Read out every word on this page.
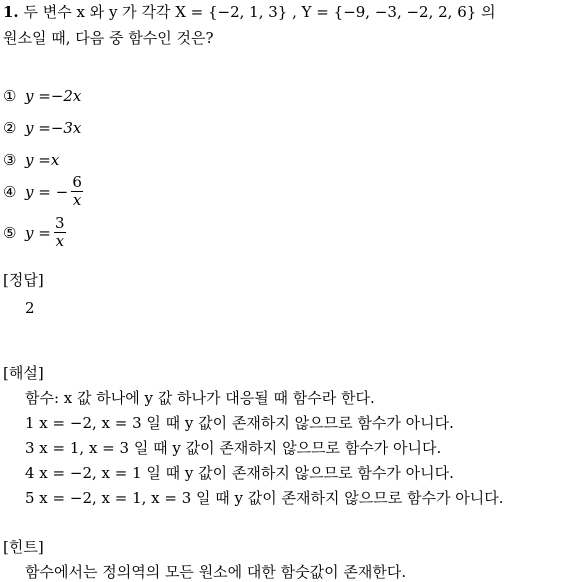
1. 두 변수 x 와 y 가 각각 X = {−2, 1, 3} , Y = {−9, −3, −2, 2, 6} 의
원소일 때, 다음 중 함수인 것은?
① y = −2x
② y = −3x
③ y = x
④ y = − $\frac{6}{x}$
⑤ $y = \frac{3}{x}$
[정답]
2
[해설]
함수: x 값 하나에 y 값 하나가 대응될 때 함수라 한다.
1 x = −2, x = 3 일 때 y 값이 존재하지 않으므로 함수가 아니다.
3 x = 1, x = 3 일 때 y 값이 존재하지 않으므로 함수가 아니다.
4 x = −2, x = 1 일 때 y 값이 존재하지 않으므로 함수가 아니다.
5 x = −2, x = 1, x = 3 일 때 y 값이 존재하지 않으므로 함수가 아니다.
[힌트]
함수에서는 정의역의 모든 원소에 대한 함숫값이 존재한다.
